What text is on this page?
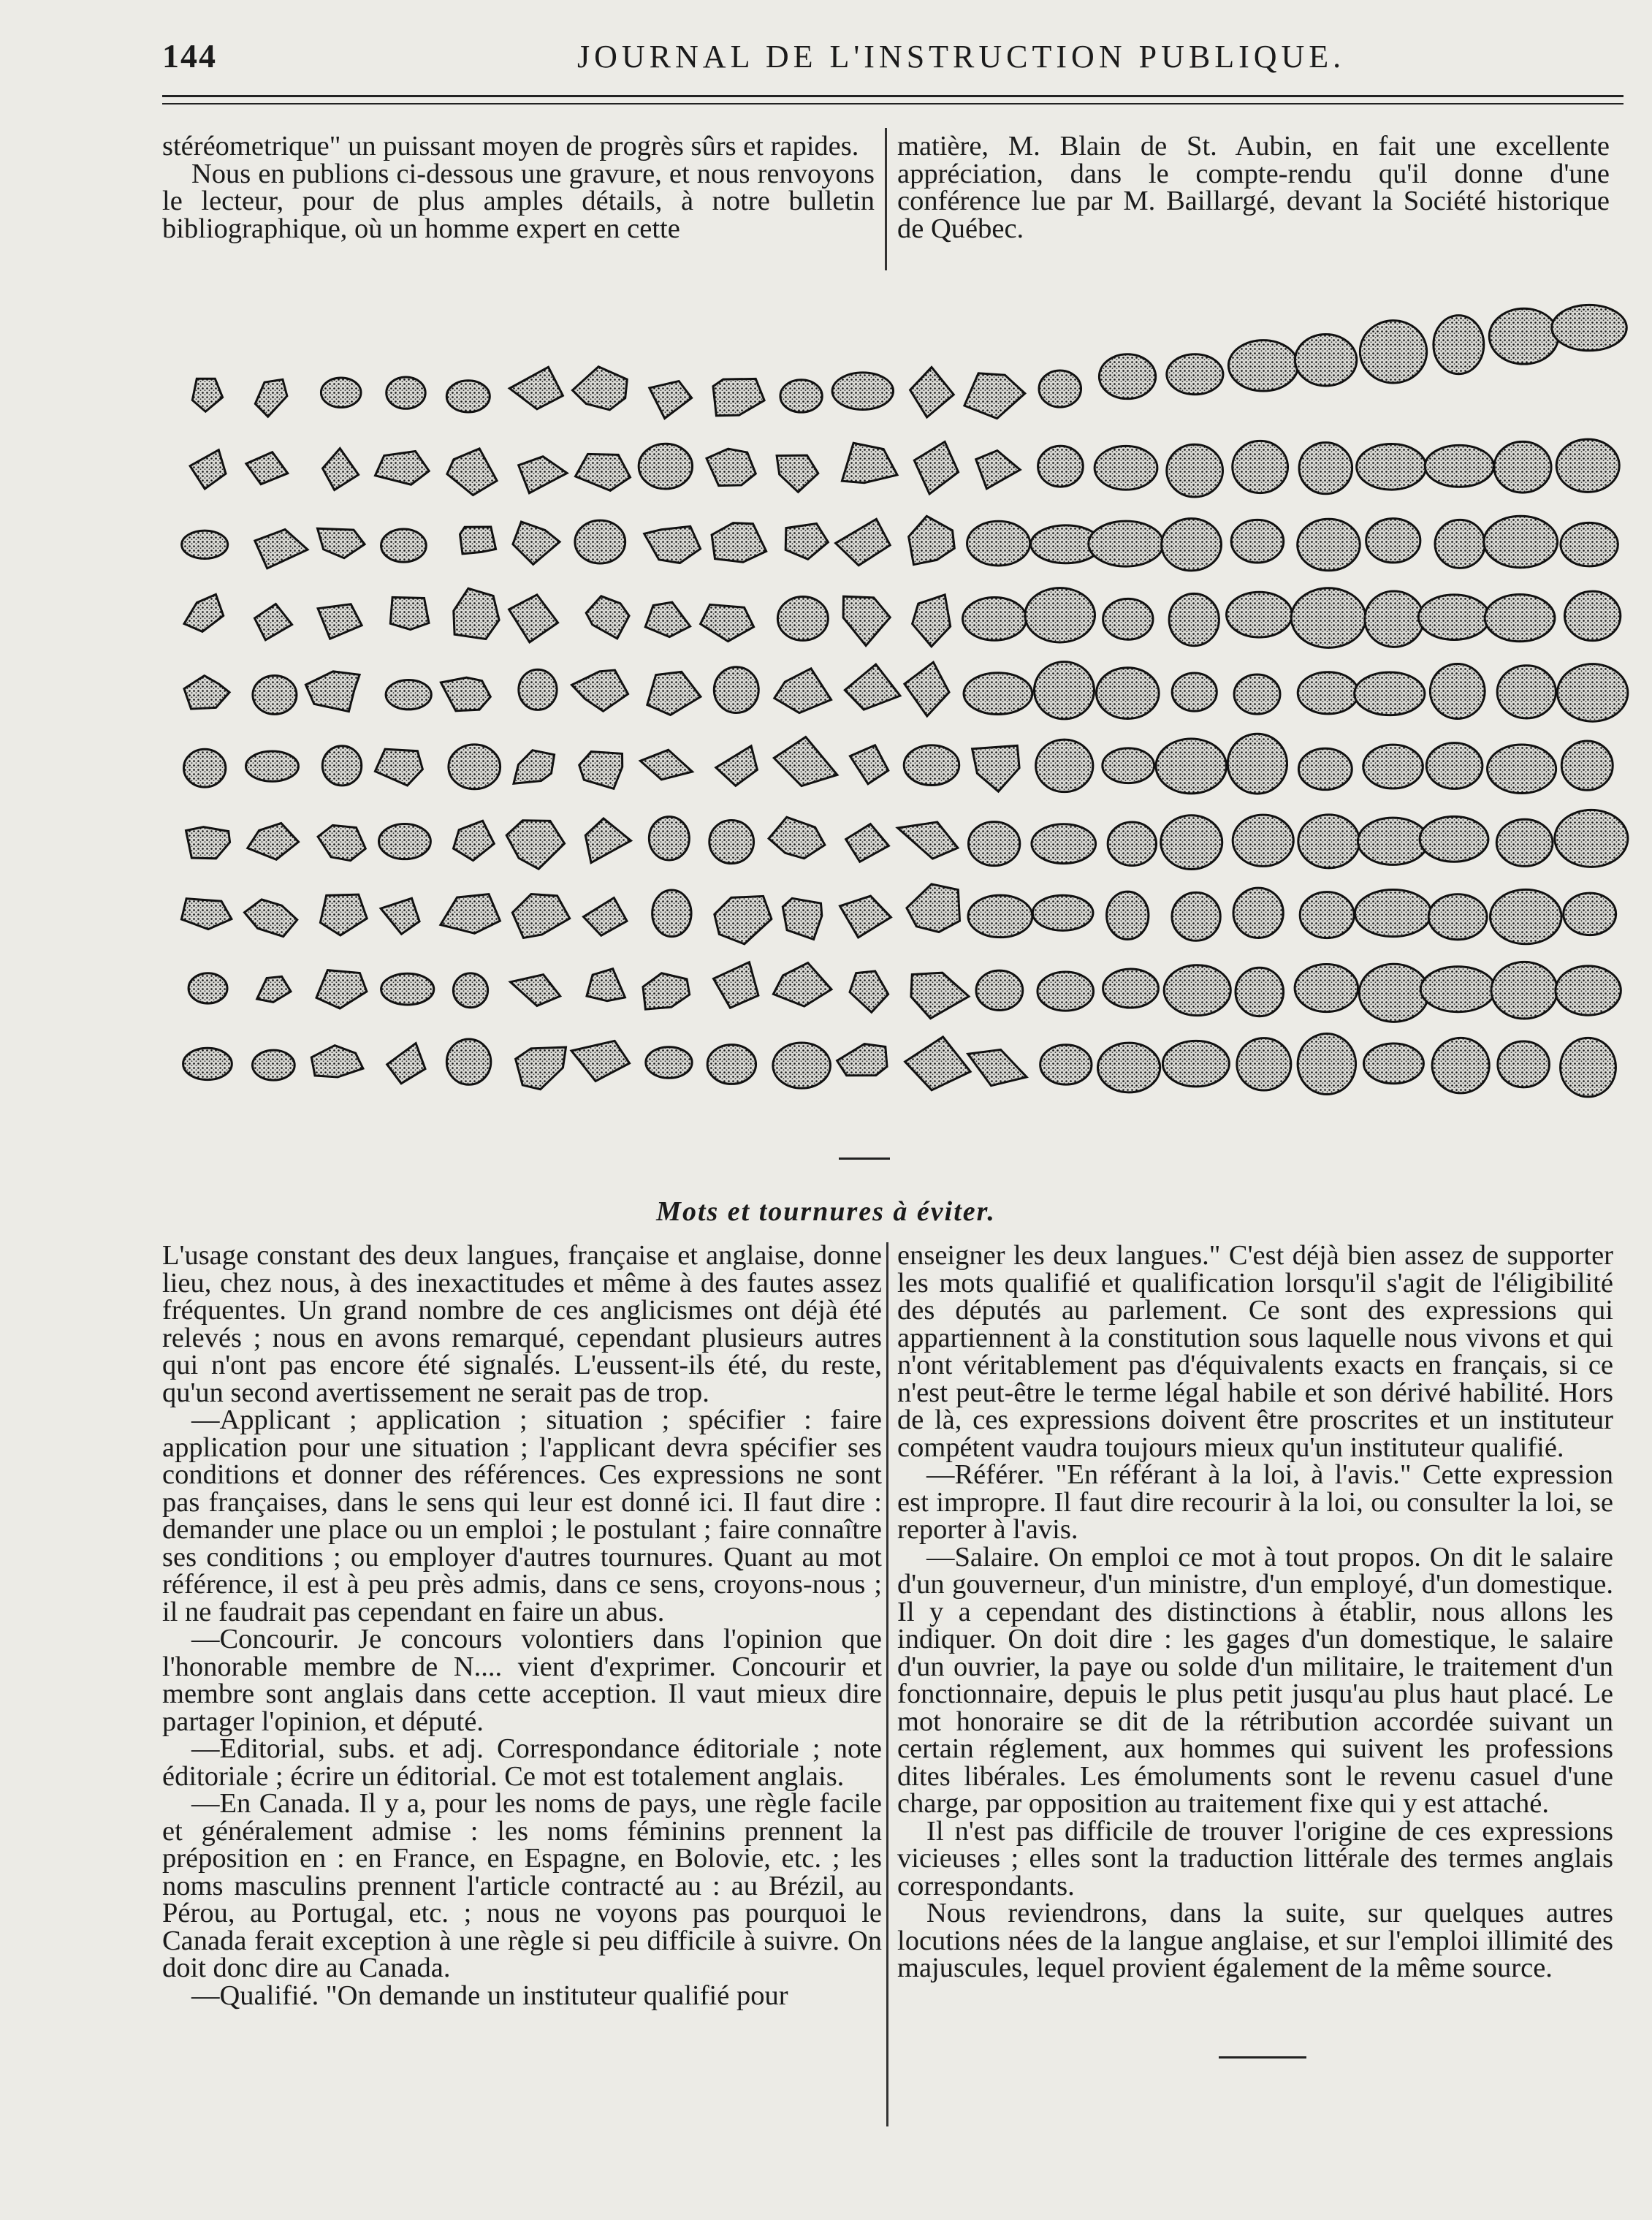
144	JOURNAL DE L'INSTRUCTION PUBLIQUE.

stéréometrique" un puissant moyen de progrès sûrs et rapides.

Nous en publions ci-dessous une gravure, et nous renvoyons le lecteur, pour de plus amples détails, à notre bulletin bibliographique, où un homme expert en cette

matière, M. Blain de St. Aubin, en fait une excellente appréciation, dans le compte-rendu qu'il donne d'une conférence lue par M. Baillargé, devant la Société historique de Québec.

Mots et tournures à éviter.

L'usage constant des deux langues, française et anglaise, donne lieu, chez nous, à des inexactitudes et même à des fautes assez fréquentes. Un grand nombre de ces anglicismes ont déjà été relevés ; nous en avons remarqué, cependant plusieurs autres qui n'ont pas encore été signalés. L'eussent-ils été, du reste, qu'un second avertissement ne serait pas de trop.

—Applicant ; application ; situation ; spécifier : faire application pour une situation ; l'applicant devra spécifier ses conditions et donner des références. Ces expressions ne sont pas françaises, dans le sens qui leur est donné ici. Il faut dire : demander une place ou un emploi ; le postulant ; faire connaître ses conditions ; ou employer d'autres tournures. Quant au mot référence, il est à peu près admis, dans ce sens, croyons-nous ; il ne faudrait pas cependant en faire un abus.

—Concourir. Je concours volontiers dans l'opinion que l'honorable membre de N.... vient d'exprimer. Concourir et membre sont anglais dans cette acception. Il vaut mieux dire partager l'opinion, et député.

—Editorial, subs. et adj. Correspondance éditoriale ; note éditoriale ; écrire un éditorial. Ce mot est totalement anglais.

—En Canada. Il y a, pour les noms de pays, une règle facile et généralement admise : les noms féminins prennent la préposition en : en France, en Espagne, en Bolovie, etc. ; les noms masculins prennent l'article contracté au : au Brézil, au Pérou, au Portugal, etc. ; nous ne voyons pas pourquoi le Canada ferait exception à une règle si peu difficile à suivre. On doit donc dire au Canada.

—Qualifié. "On demande un instituteur qualifié pour

enseigner les deux langues." C'est déjà bien assez de supporter les mots qualifié et qualification lorsqu'il s'agit de l'éligibilité des députés au parlement. Ce sont des expressions qui appartiennent à la constitution sous laquelle nous vivons et qui n'ont véritablement pas d'équivalents exacts en français, si ce n'est peut-être le terme légal habile et son dérivé habilité. Hors de là, ces expressions doivent être proscrites et un instituteur compétent vaudra toujours mieux qu'un instituteur qualifié.

—Référer. "En référant à la loi, à l'avis." Cette expression est impropre. Il faut dire recourir à la loi, ou consulter la loi, se reporter à l'avis.

—Salaire. On emploi ce mot à tout propos. On dit le salaire d'un gouverneur, d'un ministre, d'un employé, d'un domestique. Il y a cependant des distinctions à établir, nous allons les indiquer. On doit dire : les gages d'un domestique, le salaire d'un ouvrier, la paye ou solde d'un militaire, le traitement d'un fonctionnaire, depuis le plus petit jusqu'au plus haut placé. Le mot honoraire se dit de la rétribution accordée suivant un certain réglement, aux hommes qui suivent les professions dites libérales. Les émoluments sont le revenu casuel d'une charge, par opposition au traitement fixe qui y est attaché.

Il n'est pas difficile de trouver l'origine de ces expressions vicieuses ; elles sont la traduction littérale des termes anglais correspondants.

Nous reviendrons, dans la suite, sur quelques autres locutions nées de la langue anglaise, et sur l'emploi illimité des majuscules, lequel provient également de la même source.
